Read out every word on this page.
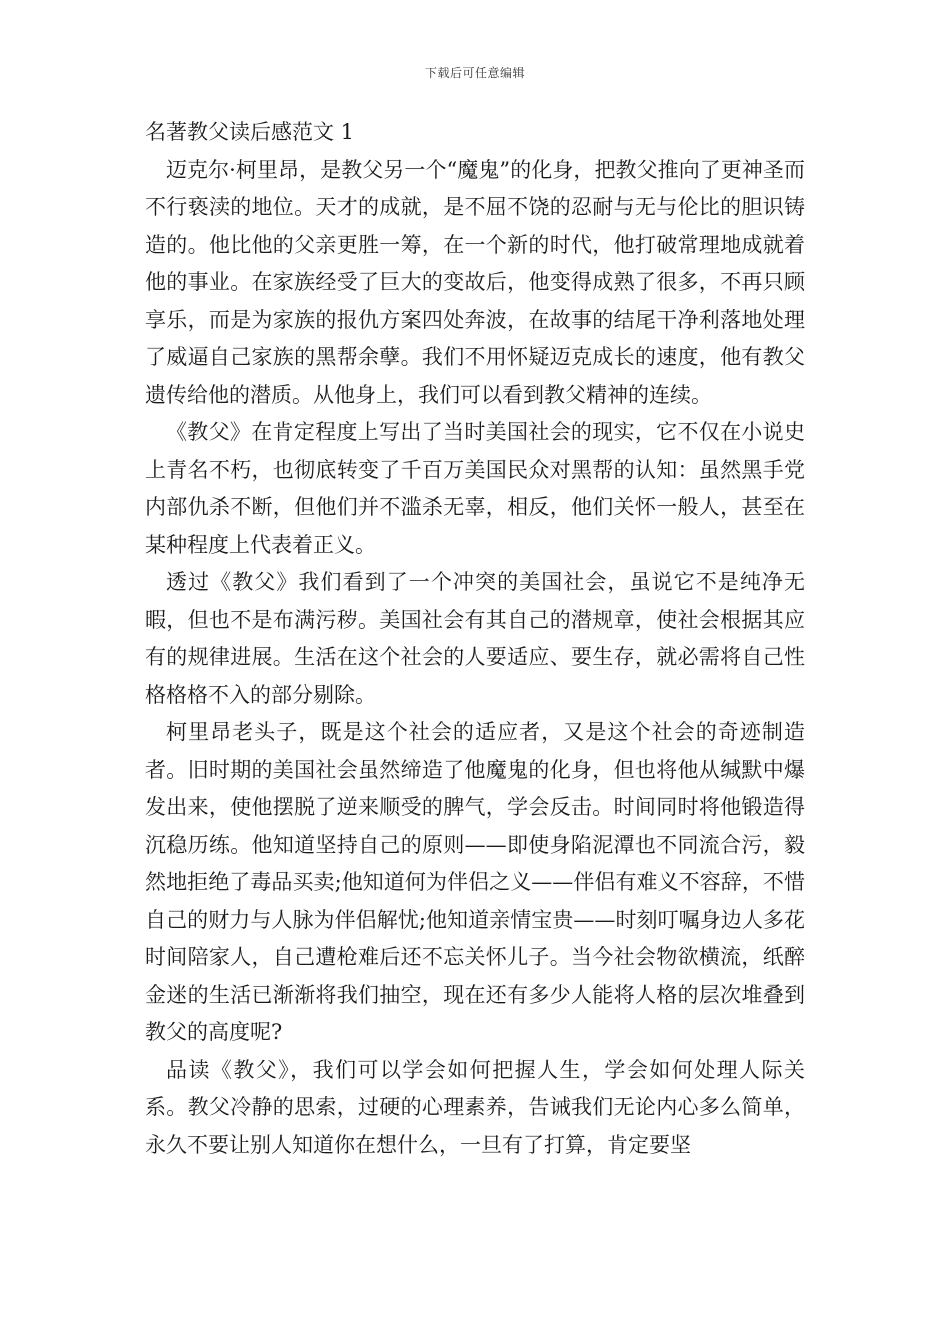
下载后可任意编辑
名著教父读后感范文 1

迈克尔·柯里昂，是教父另一个“魔鬼”的化身，把教父推向了更神圣而不行亵渎的地位。天才的成就，是不屈不饶的忍耐与无与伦比的胆识铸造的。他比他的父亲更胜一筹，在一个新的时代，他打破常理地成就着他的事业。在家族经受了巨大的变故后，他变得成熟了很多，不再只顾享乐，而是为家族的报仇方案四处奔波，在故事的结尾干净利落地处理了威逼自己家族的黑帮余孽。我们不用怀疑迈克成长的速度，他有教父遗传给他的潜质。从他身上，我们可以看到教父精神的连续。

《教父》在肯定程度上写出了当时美国社会的现实，它不仅在小说史上青名不朽，也彻底转变了千百万美国民众对黑帮的认知：虽然黑手党内部仇杀不断，但他们并不滥杀无辜，相反，他们关怀一般人，甚至在某种程度上代表着正义。

透过《教父》我们看到了一个冲突的美国社会，虽说它不是纯净无暇，但也不是布满污秽。美国社会有其自己的潜规章，使社会根据其应有的规律进展。生活在这个社会的人要适应、要生存，就必需将自己性格格格不入的部分剔除。

柯里昂老头子，既是这个社会的适应者，又是这个社会的奇迹制造者。旧时期的美国社会虽然缔造了他魔鬼的化身，但也将他从缄默中爆发出来，使他摆脱了逆来顺受的脾气，学会反击。时间同时将他锻造得沉稳历练。他知道坚持自己的原则——即使身陷泥潭也不同流合污，毅然地拒绝了毒品买卖;他知道何为伴侣之义——伴侣有难义不容辞，不惜自己的财力与人脉为伴侣解忧;他知道亲情宝贵——时刻叮嘱身边人多花时间陪家人，自己遭枪难后还不忘关怀儿子。当今社会物欲横流，纸醉金迷的生活已渐渐将我们抽空，现在还有多少人能将人格的层次堆叠到教父的高度呢?

品读《教父》，我们可以学会如何把握人生，学会如何处理人际关系。教父冷静的思索，过硬的心理素养，告诫我们无论内心多么简单，永久不要让别人知道你在想什么，一旦有了打算，肯定要坚
